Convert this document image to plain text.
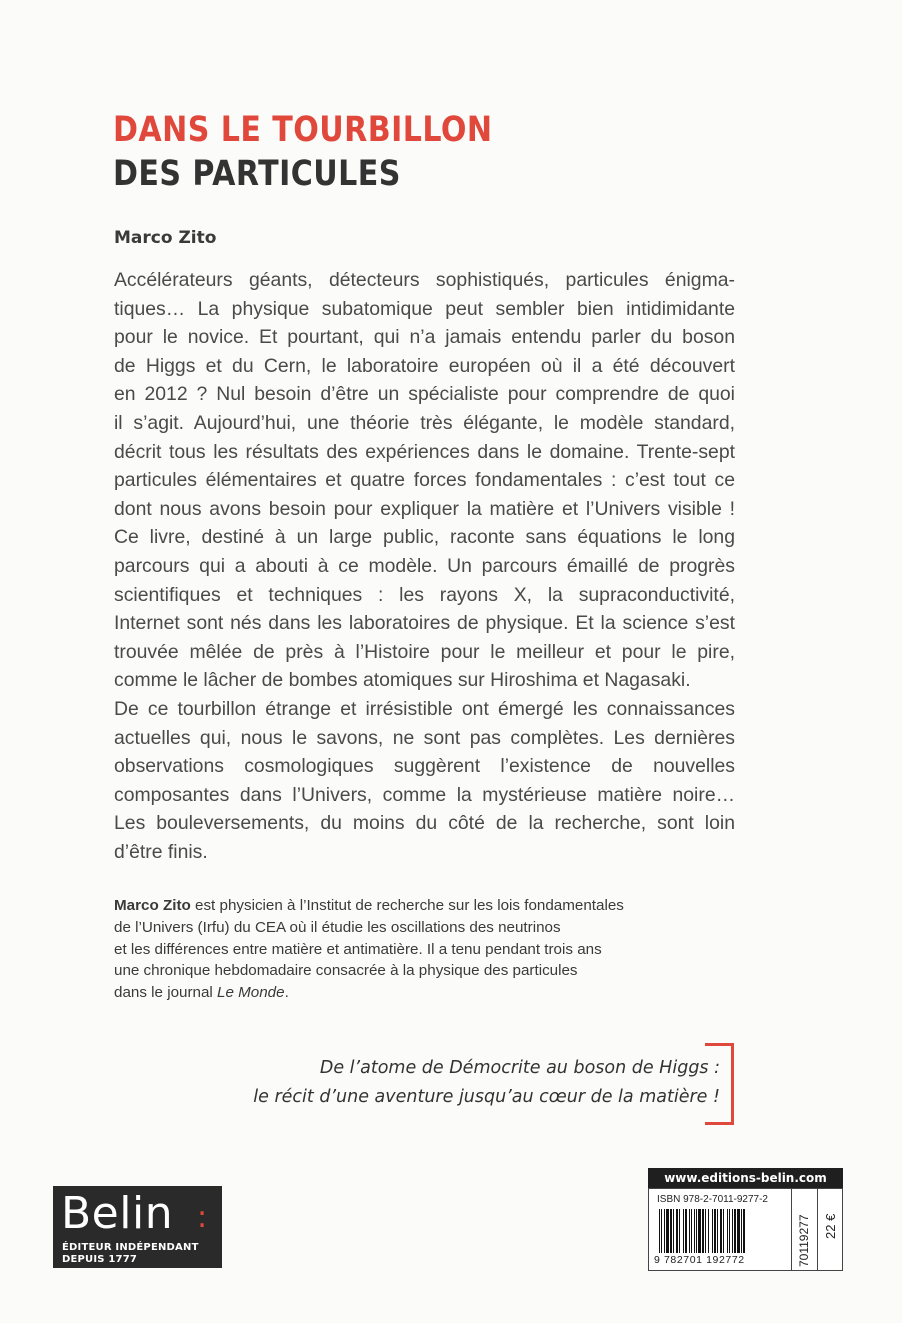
DANS LE TOURBILLON
DES PARTICULES
Marco Zito
Accélérateurs géants, détecteurs sophistiqués, particules énigma-
tiques… La physique subatomique peut sembler bien intidimidante
pour le novice. Et pourtant, qui n’a jamais entendu parler du boson
de Higgs et du Cern, le laboratoire européen où il a été découvert
en 2012 ? Nul besoin d’être un spécialiste pour comprendre de quoi
il s’agit. Aujourd’hui, une théorie très élégante, le modèle standard,
décrit tous les résultats des expériences dans le domaine. Trente-sept
particules élémentaires et quatre forces fondamentales : c’est tout ce
dont nous avons besoin pour expliquer la matière et l’Univers visible !
Ce livre, destiné à un large public, raconte sans équations le long
parcours qui a abouti à ce modèle. Un parcours émaillé de progrès
scientifiques et techniques : les rayons X, la supraconductivité,
Internet sont nés dans les laboratoires de physique. Et la science s’est
trouvée mêlée de près à l’Histoire pour le meilleur et pour le pire,
comme le lâcher de bombes atomiques sur Hiroshima et Nagasaki.
De ce tourbillon étrange et irrésistible ont émergé les connaissances
actuelles qui, nous le savons, ne sont pas complètes. Les dernières
observations cosmologiques suggèrent l’existence de nouvelles
composantes dans l’Univers, comme la mystérieuse matière noire…
Les bouleversements, du moins du côté de la recherche, sont loin
d’être finis.
Marco Zito est physicien à l’Institut de recherche sur les lois fondamentales
de l’Univers (Irfu) du CEA où il étudie les oscillations des neutrinos
et les différences entre matière et antimatière. Il a tenu pendant trois ans
une chronique hebdomadaire consacrée à la physique des particules
dans le journal Le Monde.
De l’atome de Démocrite au boson de Higgs :
le récit d’une aventure jusqu’au cœur de la matière !
Belin :
ÉDITEUR INDÉPENDANT
DEPUIS 1777
www.editions-belin.com
ISBN 978-2-7011-9277-2
9 782701 192772	70119277 22 €
